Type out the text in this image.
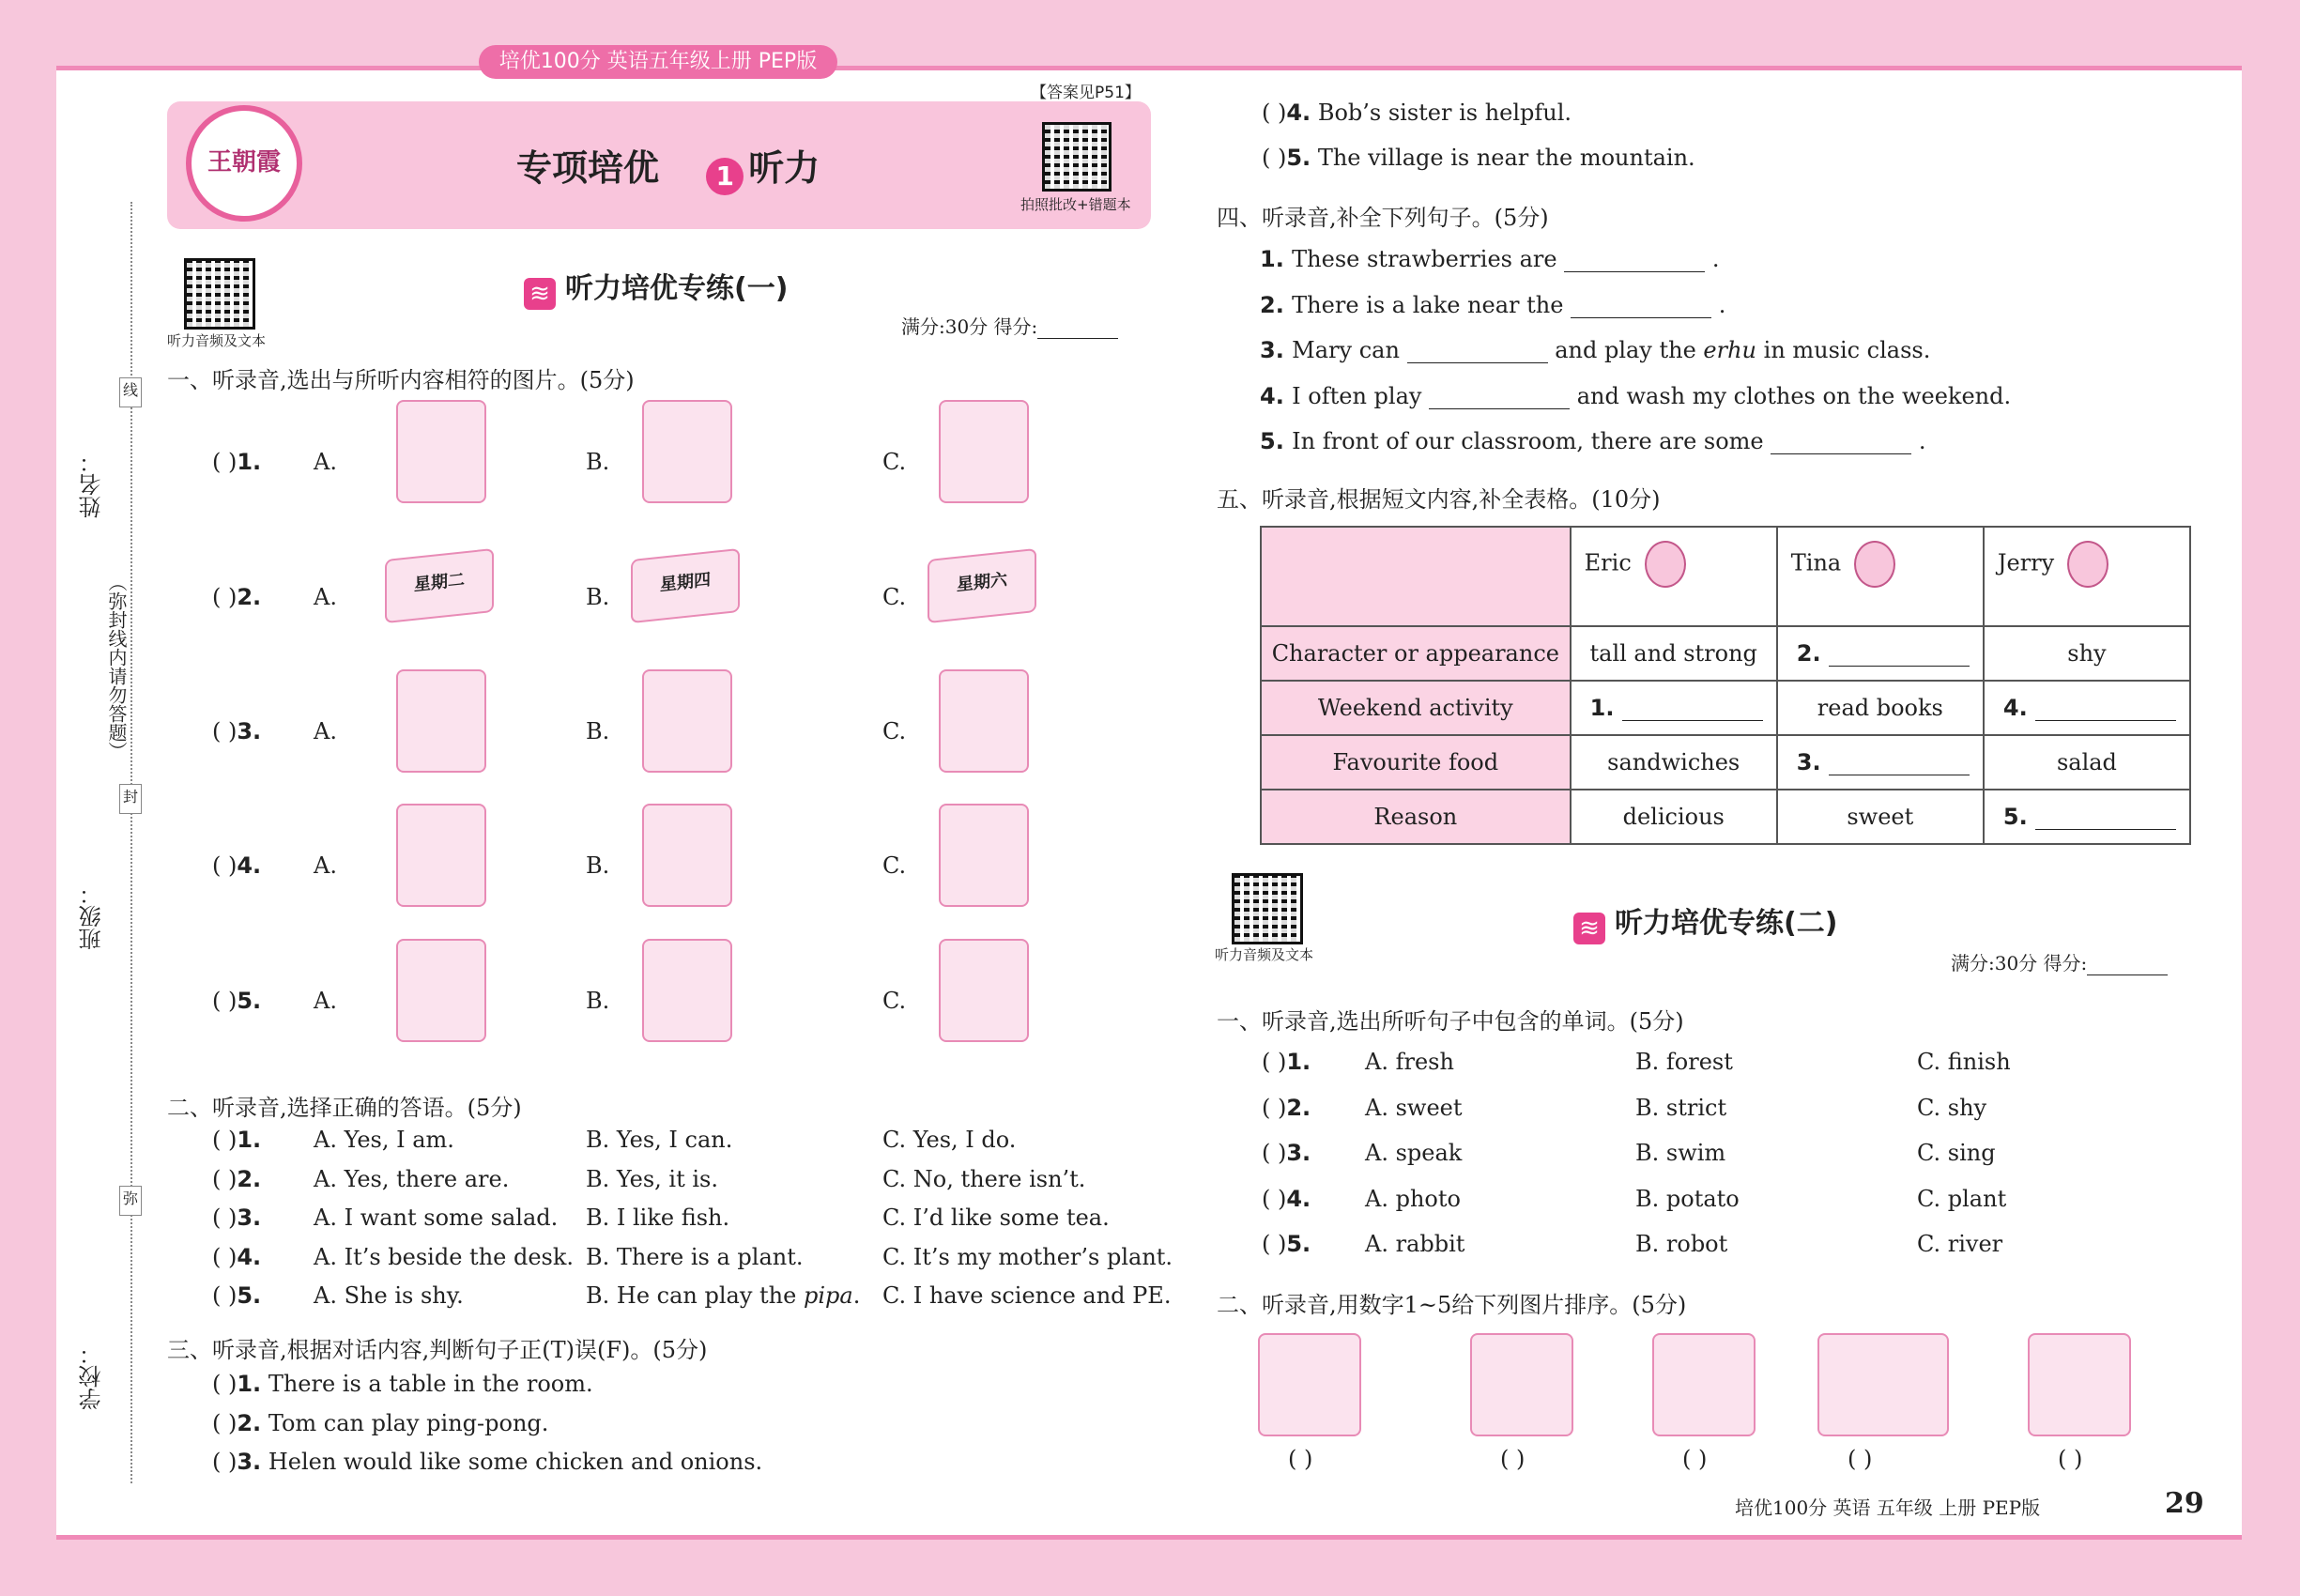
培优100分 英语五年级上册 PEP版
姓名：
线
（弥封线内请勿答题）
封
班级：
弥
学校：
王朝霞
【答案见P51】
专项培优 1 听力
拍照批改+错题本
听力音频及文本
≋ 听力培优专练(一)
满分:30分 得分:
一、听录音,选出与所听内容相符的图片。(5分)
( )1. A.	B.	C.
( )2. A.	B.	C.
星期二	星期四	星期六
( )3. A.	B.	C.
( )4. A.	B.	C.
( )5. A.	B.	C.
二、听录音,选择正确的答语。(5分)
( )1. A. Yes, I am.	B. Yes, I can.	C. Yes, I do.
( )2. A. Yes, there are.	B. Yes, it is.	C. No, there isn’t.
( )3. A. I want some salad. B. I like fish.	C. I’d like some tea.
( )4. A. It’s beside the desk. B. There is a plant.	C. It’s my mother’s plant.
( )5. A. She is shy.	B. He can play the pipa. C. I have science and PE.
三、听录音,根据对话内容,判断句子正(T)误(F)。(5分)
( )1. There is a table in the room.
( )2. Tom can play ping-pong.
( )3. Helen would like some chicken and onions.
( )4. Bob’s sister is helpful.
( )5. The village is near the mountain.
四、听录音,补全下列句子。(5分)
1. These strawberries are	.
2. There is a lake near the	.
3. Mary can	and play the erhu in music class.
4. I often play	and wash my clothes on the weekend.
5. In front of our classroom, there are some	.
五、听录音,根据短文内容,补全表格。(10分)
	Eric	Tina	Jerry
Character or appearance	tall and strong	2.	shy
Weekend activity	1.	read books	4.
Favourite food	sandwiches	3.	salad
Reason	delicious	sweet	5.
听力音频及文本
≋ 听力培优专练(二)
满分:30分 得分:
一、听录音,选出所听句子中包含的单词。(5分)
( )1. A. fresh	B. forest	C. finish
( )2. A. sweet	B. strict	C. shy
( )3. A. speak	B. swim	C. sing
( )4. A. photo	B. potato	C. plant
( )5. A. rabbit	B. robot	C. river
二、听录音,用数字1~5给下列图片排序。(5分)
( )	( )	( )	( )	( )
培优100分 英语 五年级 上册 PEP版	29
